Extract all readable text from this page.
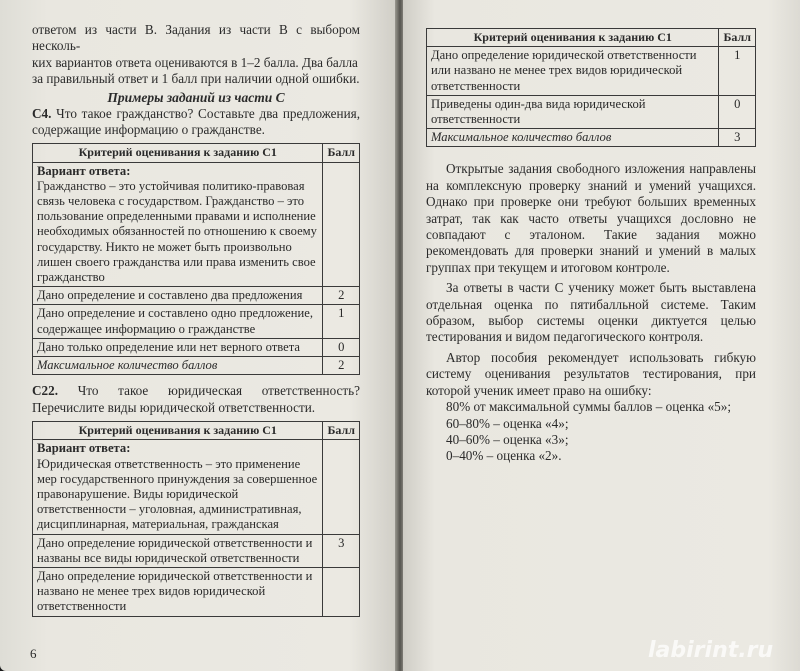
ответом из части В. Задания из части В с выбором несколь-

ких вариантов ответа оцениваются в 1–2 балла. Два балла

за правильный ответ и 1 балл при наличии одной ошибки.

Примеры заданий из части С

С4. Что такое гражданство? Составьте два предложения, содержащие информацию о гражданстве.

Критерий оценивания к заданию С1	Балл

Вариант ответа:
Гражданство – это устойчивая политико-правовая связь человека с государством. Гражданство – это пользование определенными правами и исполнение необходимых обязанностей по отношению к своему государству. Никто не может быть произвольно лишен своего гражданства или права изменить свое гражданство	

Дано определение и составлено два предложения	2
Дано определение и составлено одно предложение, содержащее информацию о гражданстве	1
Дано только определение или нет верного ответа	0
Максимальное количество баллов	2

С22. Что такое юридическая ответственность? Перечислите виды юридической ответственности.

Критерий оценивания к заданию С1	Балл

Вариант ответа:
Юридическая ответственность – это применение мер государственного принуждения за совершенное правонарушение. Виды юридической ответственности – уголовная, административная, дисциплинарная, материальная, гражданская	

Дано определение юридической ответственности и названы все виды юридической ответственности	3
Дано определение юридической ответственности и названо не менее трех видов юридической ответственности	
6
Критерий оценивания к заданию С1	Балл
Дано определение юридической ответственности или названо не менее трех видов юридической ответственности	1
Приведены один-два вида юридической ответственности	0
Максимальное количество баллов	3

Открытые задания свободного изложения направлены на комплексную проверку знаний и умений учащихся. Однако при проверке они требуют больших временных затрат, так как часто ответы учащихся дословно не совпадают с эталоном. Такие задания можно рекомендовать для проверки знаний и умений в малых группах при текущем и итоговом контроле.

За ответы в части С ученику может быть выставлена отдельная оценка по пятибалльной системе. Таким образом, выбор системы оценки диктуется целью тестирования и видом педагогического контроля.

Автор пособия рекомендует использовать гибкую систему оценивания результатов тестирования, при которой ученик имеет право на ошибку:

80% от максимальной суммы баллов – оценка «5»;

60–80% – оценка «4»;

40–60% – оценка «3»;

0–40% – оценка «2».

labirint.ru
